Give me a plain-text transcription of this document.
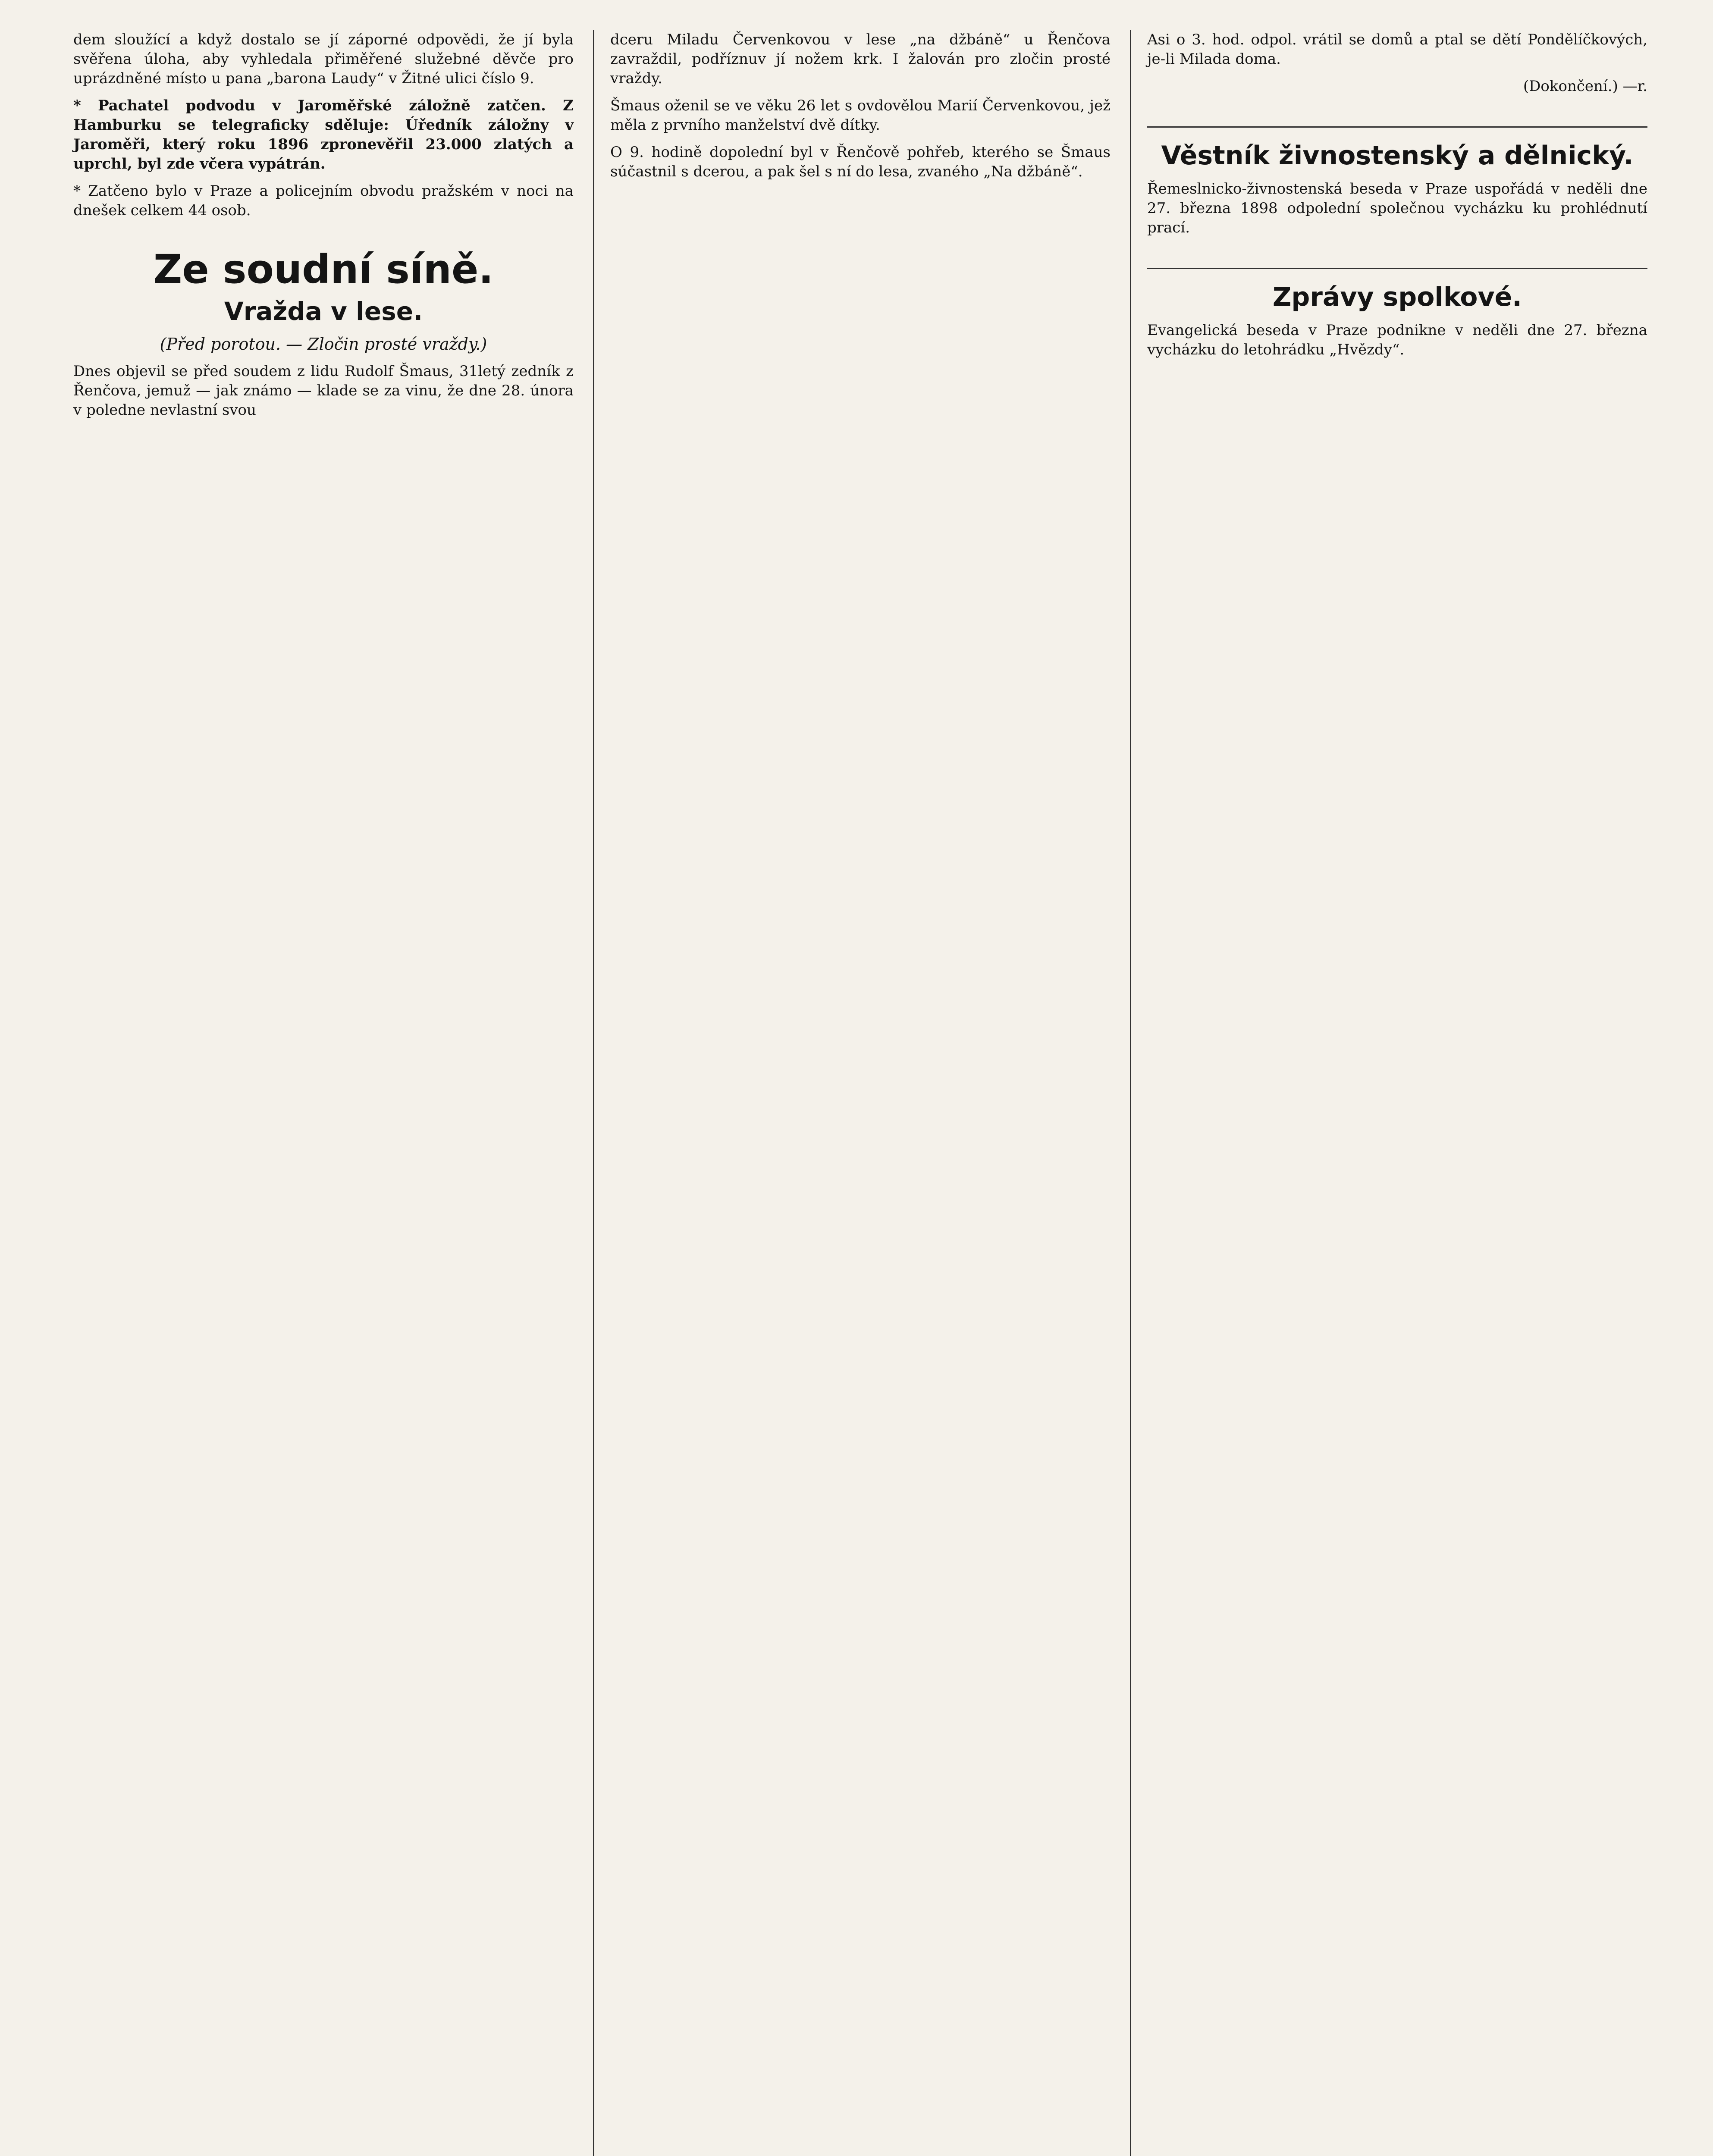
dem sloužící a když dostalo se jí záporné odpovědi, že jí byla svěřena úloha, aby vyhledala přiměřené služebné děvče pro uprázdněné místo u pana „barona Laudy“ v Žitné ulici číslo 9.

* Pachatel podvodu v Jaroměřské záložně zatčen. Z Hamburku se telegraficky sděluje: Úředník záložny v Jaroměři, který roku 1896 zpronevěřil 23.000 zlatých a uprchl, byl zde včera vypátrán.

* Zatčeno bylo v Praze a policejním obvodu pražském v noci na dnešek celkem 44 osob.

Ze soudní síně.
Vražda v lese.

(Před porotou. — Zločin prosté vraždy.)

Dnes objevil se před soudem z lidu Rudolf Šmaus, 31letý zedník z Řenčova, jemuž — jak známo — klade se za vinu, že dne 28. února v poledne nevlastní svou

dceru Miladu Červenkovou v lese „na džbáně“ u Řenčova zavraždil, podříznuv jí nožem krk. I žalován pro zločin prosté vraždy.

Šmaus oženil se ve věku 26 let s ovdovělou Marií Červenkovou, jež měla z prvního manželství dvě dítky.

O 9. hodině dopolední byl v Řenčově pohřeb, kterého se Šmaus súčastnil s dcerou, a pak šel s ní do lesa, zvaného „Na džbáně“.

Asi o 3. hod. odpol. vrátil se domů a ptal se dětí Pondělíčkových, je-li Milada doma.

(Dokončení.) —r.

Věstník živnostenský a dělnický.

Řemeslnicko-živnostenská beseda v Praze uspořádá v neděli dne 27. března 1898 odpolední společnou vycházku ku prohlédnutí prací.

Zprávy spolkové.

Evangelická beseda v Praze podnikne v neděli dne 27. března vycházku do letohrádku „Hvězdy“.
